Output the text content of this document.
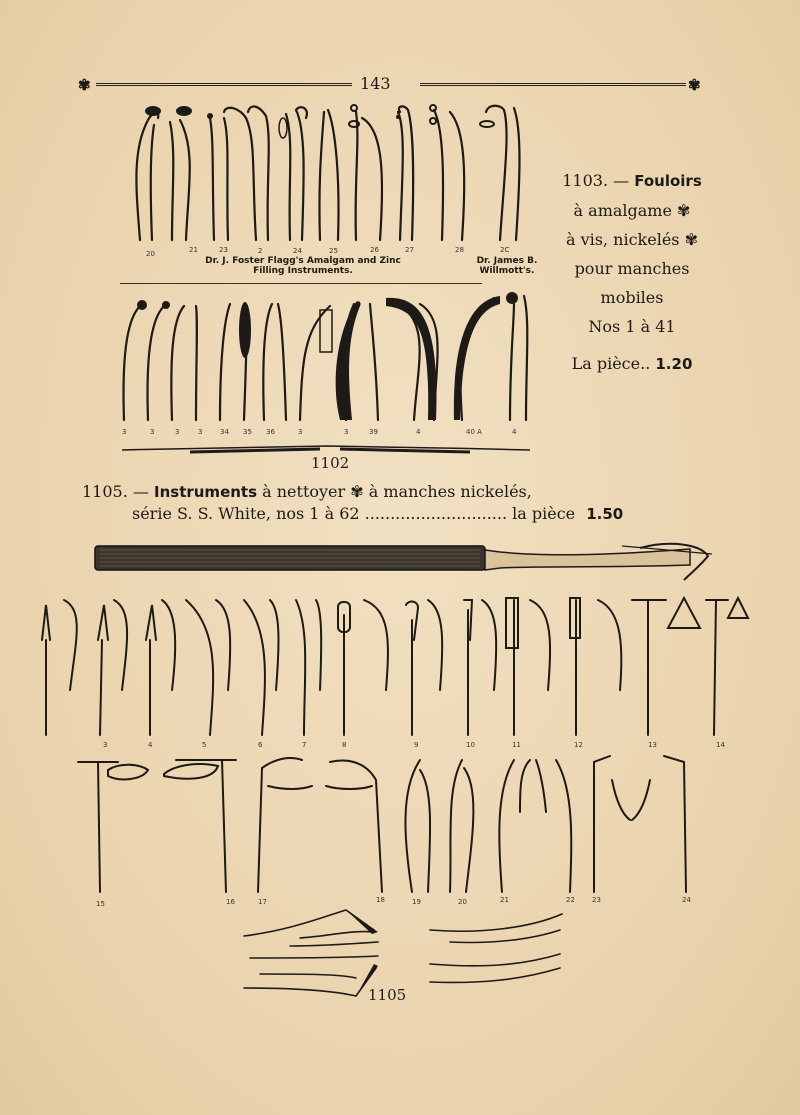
✾	143	✾
20	21	23	2	24	25	26	27	28	2C
Dr. J. Foster Flagg's Amalgam and Zinc Filling Instruments.
Dr. James B. Willmott's.
3	3	3	3	34 35 36	3	3	39	4	40 A	4
1102
1103. — Fouloirs
à amalgame ✾
à vis, nickelés ✾
pour manches
mobiles
Nos 1 à 41
La pièce.. 1.20
1105. — Instruments à nettoyer ✾ à manches nickelés,
série S. S. White, nos 1 à 62 ............................ la pièce 1.50
3	4	5	6	7	8	9	10	11	12	13	14
15	16	17	18	19	20	21	22 23	24
1105
